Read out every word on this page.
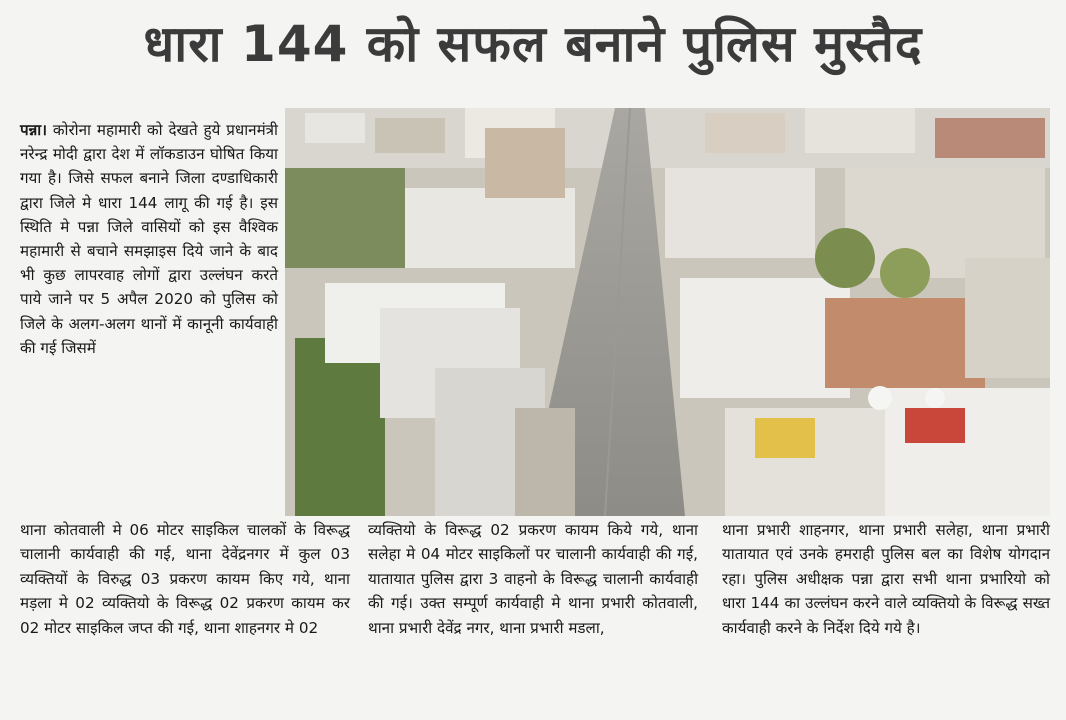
धारा 144 को सफल बनाने पुलिस मुस्तैद
पन्ना। कोरोना महामारी को देखते हुये प्रधानमंत्री नरेन्द्र मोदी द्वारा देश में लॉकडाउन घोषित किया गया है। जिसे सफल बनाने जिला दण्डाधिकारी द्वारा जिले मे धारा 144 लागू की गई है। इस स्थिति मे पन्ना जिले वासियों को इस वैश्विक महामारी से बचाने समझाइस दिये जाने के बाद भी कुछ लापरवाह लोगों द्वारा उल्लंघन करते पाये जाने पर 5 अपैल 2020 को पुलिस को जिले के अलग-अलग थानों में कानूनी कार्यवाही की गई जिसमें

थाना कोतवाली मे 06 मोटर साइकिल चालकों के विरूद्ध चालानी कार्यवाही की गई, थाना देवेंद्रनगर में कुल 03 व्यक्तियों के विरुद्ध 03 प्रकरण कायम किए गये, थाना मड़ला मे 02 व्यक्तियो के विरूद्ध 02 प्रकरण कायम कर 02 मोटर साइकिल जप्त की गई, थाना शाहनगर मे 02

व्यक्तियो के विरूद्ध 02 प्रकरण कायम किये गये, थाना सलेहा मे 04 मोटर साइकिलों पर चालानी कार्यवाही की गई, यातायात पुलिस द्वारा 3 वाहनो के विरूद्ध चालानी कार्यवाही की गई। उक्त सम्पूर्ण कार्यवाही मे थाना प्रभारी कोतवाली, थाना प्रभारी देवेंद्र नगर, थाना प्रभारी मडला,

थाना प्रभारी शाहनगर, थाना प्रभारी सलेहा, थाना प्रभारी यातायात एवं उनके हमराही पुलिस बल का विशेष योगदान रहा। पुलिस अधीक्षक पन्ना द्वारा सभी थाना प्रभारियो को धारा 144 का उल्लंघन करने वाले व्यक्तियो के विरूद्ध सख्त कार्यवाही करने के निर्देश दिये गये है।
